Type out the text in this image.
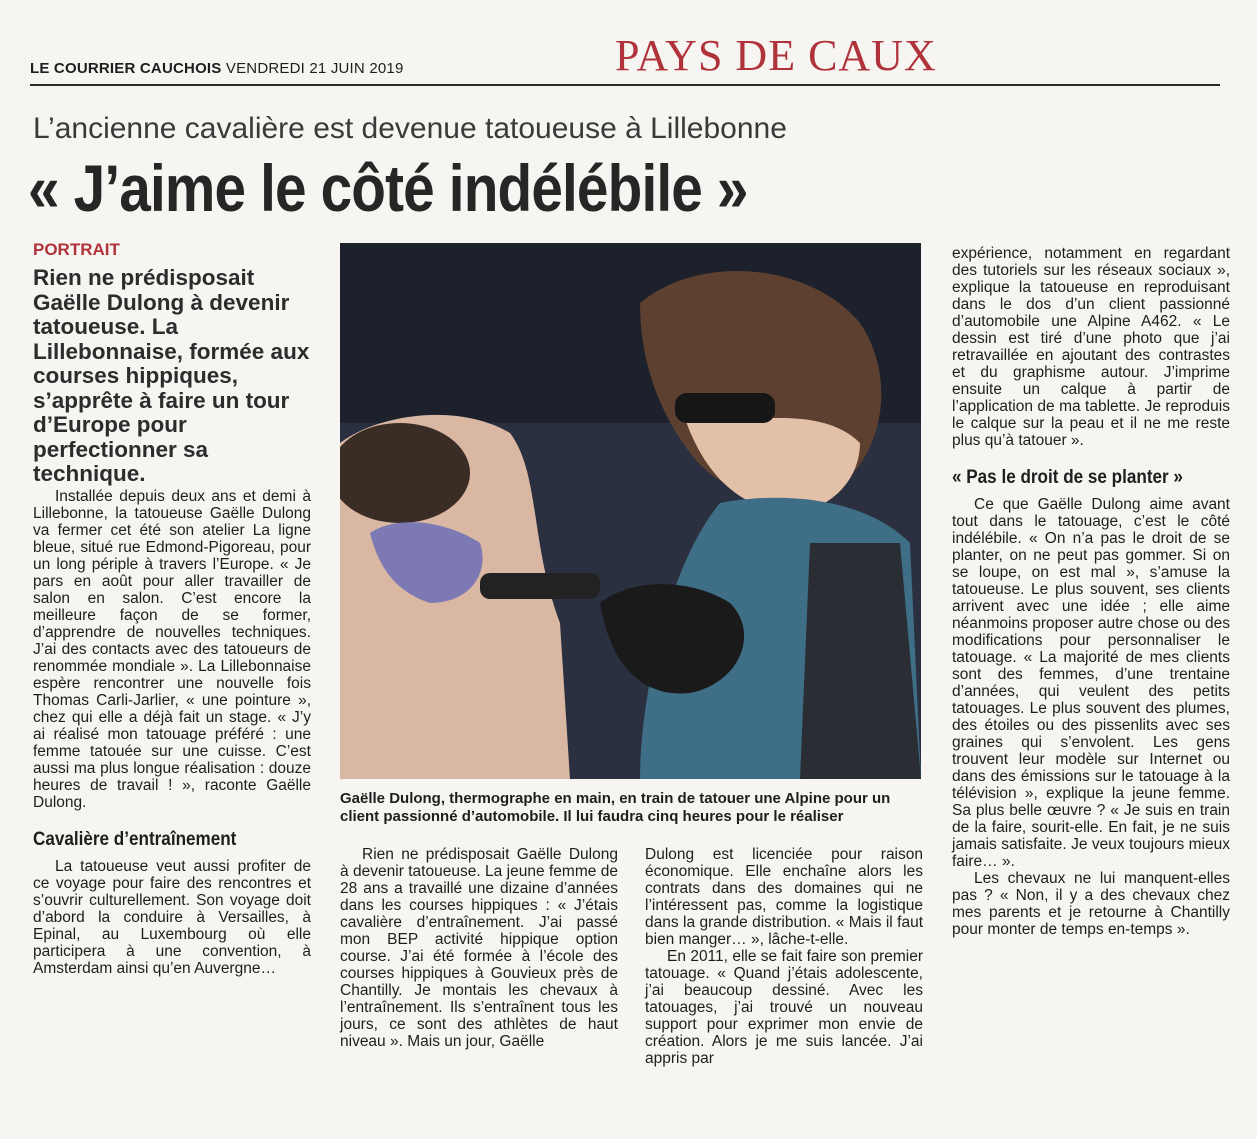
LE COURRIER CAUCHOIS VENDREDI 21 JUIN 2019	PAYS DE CAUX
L’ancienne cavalière est devenue tatoueuse à Lillebonne
« J’aime le côté indélébile »
PORTRAIT
Rien ne prédisposait Gaëlle Dulong à devenir tatoueuse. La Lillebonnaise, formée aux courses hippiques, s’apprête à faire un tour d’Europe pour perfectionner sa technique.

Installée depuis deux ans et demi à Lillebonne, la tatoueuse Gaëlle Dulong va fermer cet été son atelier La ligne bleue, situé rue Edmond-Pigoreau, pour un long périple à travers l’Europe. « Je pars en août pour aller travailler de salon en salon. C’est encore la meilleure façon de se former, d’apprendre de nouvelles techniques. J’ai des contacts avec des tatoueurs de renommée mondiale ». La Lillebonnaise espère rencontrer une nouvelle fois Thomas Carli-Jarlier, « une pointure », chez qui elle a déjà fait un stage. « J’y ai réalisé mon tatouage préféré : une femme tatouée sur une cuisse. C’est aussi ma plus longue réalisation : douze heures de travail ! », raconte Gaëlle Dulong.

Cavalière d’entraînement

La tatoueuse veut aussi profiter de ce voyage pour faire des rencontres et s’ouvrir culturellement. Son voyage doit d’abord la conduire à Versailles, à Epinal, au Luxembourg où elle participera à une convention, à Amsterdam ainsi qu’en Auvergne…

Gaëlle Dulong, thermographe en main, en train de tatouer une Alpine pour un client passionné d’automobile. Il lui faudra cinq heures pour le réaliser

Rien ne prédisposait Gaëlle Dulong à devenir tatoueuse. La jeune femme de 28 ans a travaillé une dizaine d’années dans les courses hippiques : « J’étais cavalière d’entraînement. J’ai passé mon BEP activité hippique option course. J’ai été formée à l’école des courses hippiques à Gouvieux près de Chantilly. Je montais les chevaux à l’entraînement. Ils s’entraînent tous les jours, ce sont des athlètes de haut niveau ». Mais un jour, Gaëlle

Dulong est licenciée pour raison économique. Elle enchaîne alors les contrats dans des domaines qui ne l’intéressent pas, comme la logistique dans la grande distribution. « Mais il faut bien manger… », lâche-t-elle.

En 2011, elle se fait faire son premier tatouage. « Quand j’étais adolescente, j’ai beaucoup dessiné. Avec les tatouages, j’ai trouvé un nouveau support pour exprimer mon envie de création. Alors je me suis lancée. J’ai appris par

expérience, notamment en regardant des tutoriels sur les réseaux sociaux », explique la tatoueuse en reproduisant dans le dos d’un client passionné d’automobile une Alpine A462. « Le dessin est tiré d’une photo que j’ai retravaillée en ajoutant des contrastes et du graphisme autour. J’imprime ensuite un calque à partir de l’application de ma tablette. Je reproduis le calque sur la peau et il ne me reste plus qu’à tatouer ».

« Pas le droit de se planter »

Ce que Gaëlle Dulong aime avant tout dans le tatouage, c’est le côté indélébile. « On n’a pas le droit de se planter, on ne peut pas gommer. Si on se loupe, on est mal », s’amuse la tatoueuse. Le plus souvent, ses clients arrivent avec une idée ; elle aime néanmoins proposer autre chose ou des modifications pour personnaliser le tatouage. « La majorité de mes clients sont des femmes, d’une trentaine d’années, qui veulent des petits tatouages. Le plus souvent des plumes, des étoiles ou des pissenlits avec ses graines qui s’envolent. Les gens trouvent leur modèle sur Internet ou dans des émissions sur le tatouage à la télévision », explique la jeune femme. Sa plus belle œuvre ? « Je suis en train de la faire, sourit-elle. En fait, je ne suis jamais satisfaite. Je veux toujours mieux faire… ».

Les chevaux ne lui manquent-elles pas ? « Non, il y a des chevaux chez mes parents et je retourne à Chantilly pour monter de temps en-temps ».
